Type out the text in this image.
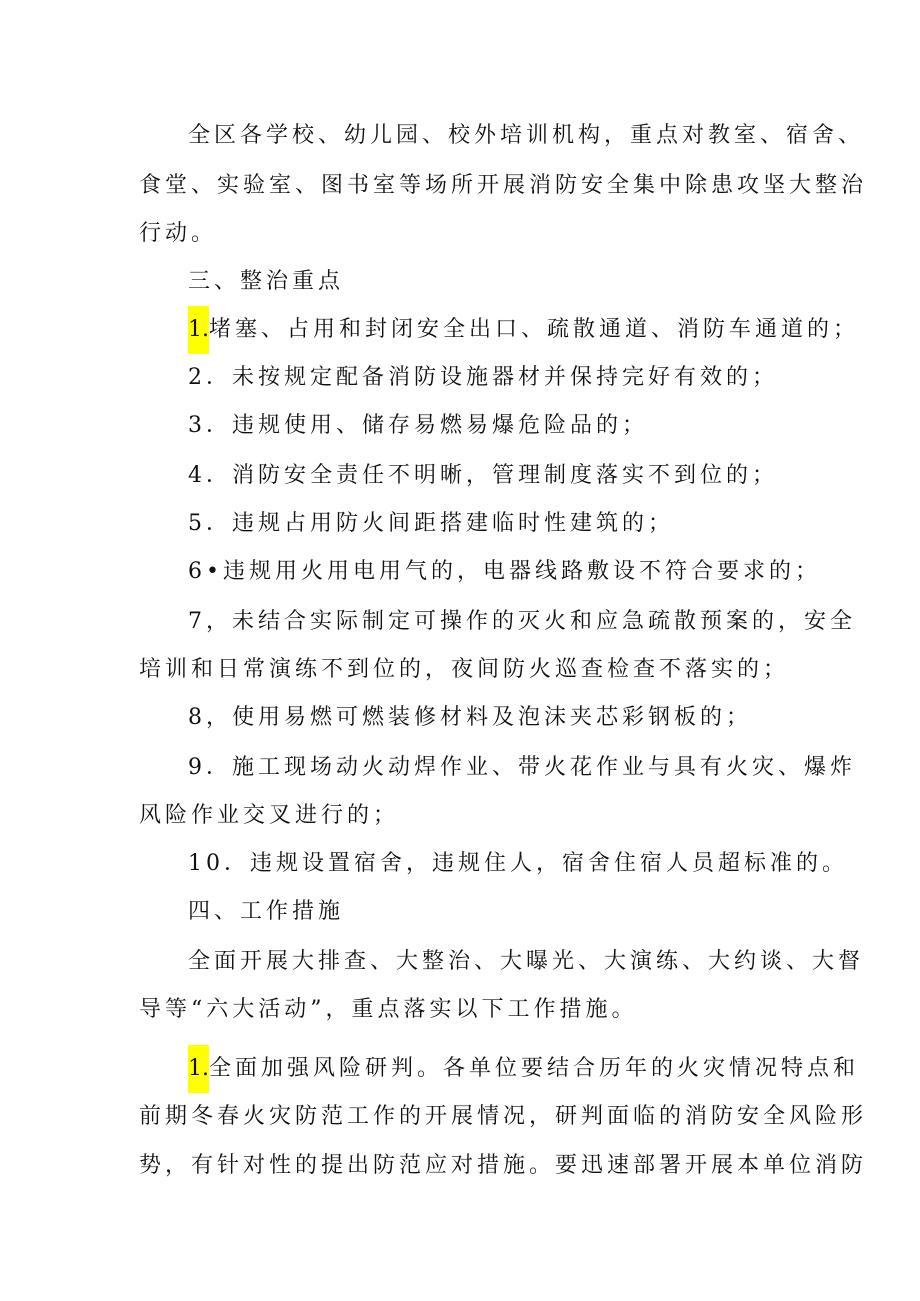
全区各学校、幼儿园、校外培训机构，重点对教室、宿舍、
食堂、实验室、图书室等场所开展消防安全集中除患攻坚大整治
行动。
三、整治重点
1.堵塞、占用和封闭安全出口、疏散通道、消防车通道的；
2．未按规定配备消防设施器材并保持完好有效的；
3．违规使用、储存易燃易爆危险品的；
4．消防安全责任不明晰，管理制度落实不到位的；
5．违规占用防火间距搭建临时性建筑的；
6•违规用火用电用气的，电器线路敷设不符合要求的；
7，未结合实际制定可操作的灭火和应急疏散预案的，安全
培训和日常演练不到位的，夜间防火巡查检查不落实的；
8，使用易燃可燃装修材料及泡沫夹芯彩钢板的；
9．施工现场动火动焊作业、带火花作业与具有火灾、爆炸
风险作业交叉进行的；
10．违规设置宿舍，违规住人，宿舍住宿人员超标准的。
四、工作措施
全面开展大排查、大整治、大曝光、大演练、大约谈、大督
导等“六大活动”，重点落实以下工作措施。
1.全面加强风险研判。各单位要结合历年的火灾情况特点和
前期冬春火灾防范工作的开展情况，研判面临的消防安全风险形
势，有针对性的提出防范应对措施。要迅速部署开展本单位消防
